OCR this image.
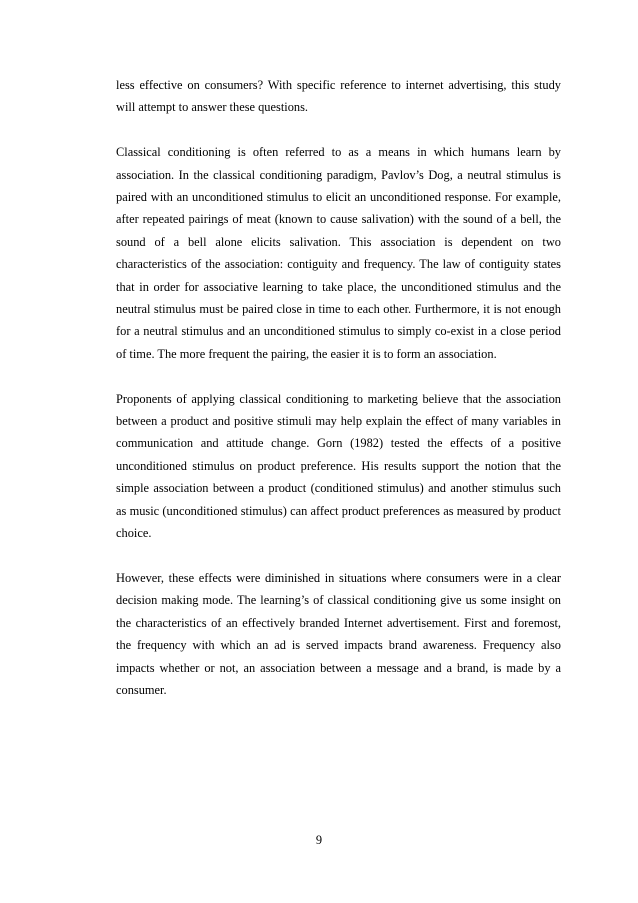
less effective on consumers? With specific reference to internet advertising, this study will attempt to answer these questions.

Classical conditioning is often referred to as a means in which humans learn by association. In the classical conditioning paradigm, Pavlov’s Dog, a neutral stimulus is paired with an unconditioned stimulus to elicit an unconditioned response. For example, after repeated pairings of meat (known to cause salivation) with the sound of a bell, the sound of a bell alone elicits salivation. This association is dependent on two characteristics of the association: contiguity and frequency. The law of contiguity states that in order for associative learning to take place, the unconditioned stimulus and the neutral stimulus must be paired close in time to each other. Furthermore, it is not enough for a neutral stimulus and an unconditioned stimulus to simply co-exist in a close period of time. The more frequent the pairing, the easier it is to form an association.

Proponents of applying classical conditioning to marketing believe that the association between a product and positive stimuli may help explain the effect of many variables in communication and attitude change. Gorn (1982) tested the effects of a positive unconditioned stimulus on product preference. His results support the notion that the simple association between a product (conditioned stimulus) and another stimulus such as music (unconditioned stimulus) can affect product preferences as measured by product choice.

However, these effects were diminished in situations where consumers were in a clear decision making mode. The learning’s of classical conditioning give us some insight on the characteristics of an effectively branded Internet advertisement. First and foremost, the frequency with which an ad is served impacts brand awareness. Frequency also impacts whether or not, an association between a message and a brand, is made by a consumer.

9
